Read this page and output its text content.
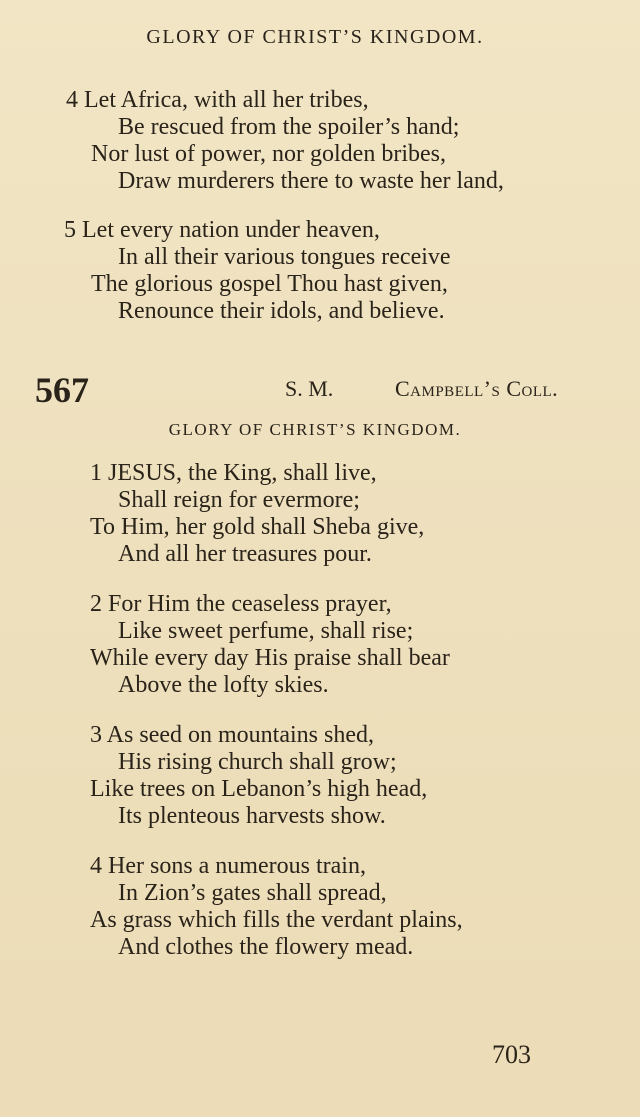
GLORY OF CHRIST’S KINGDOM.
4 Let Africa, with all her tribes,
Be rescued from the spoiler’s hand;
Nor lust of power, nor golden bribes,
Draw murderers there to waste her land,
5 Let every nation under heaven,
In all their various tongues receive
The glorious gospel Thou hast given,
Renounce their idols, and believe.
567	S. M.	Campbell’s Coll.
GLORY OF CHRIST’S KINGDOM.
1 JESUS, the King, shall live,
Shall reign for evermore;
To Him, her gold shall Sheba give,
And all her treasures pour.
2 For Him the ceaseless prayer,
Like sweet perfume, shall rise;
While every day His praise shall bear
Above the lofty skies.
3 As seed on mountains shed,
His rising church shall grow;
Like trees on Lebanon’s high head,
Its plenteous harvests show.
4 Her sons a numerous train,
In Zion’s gates shall spread,
As grass which fills the verdant plains,
And clothes the flowery mead.
703
